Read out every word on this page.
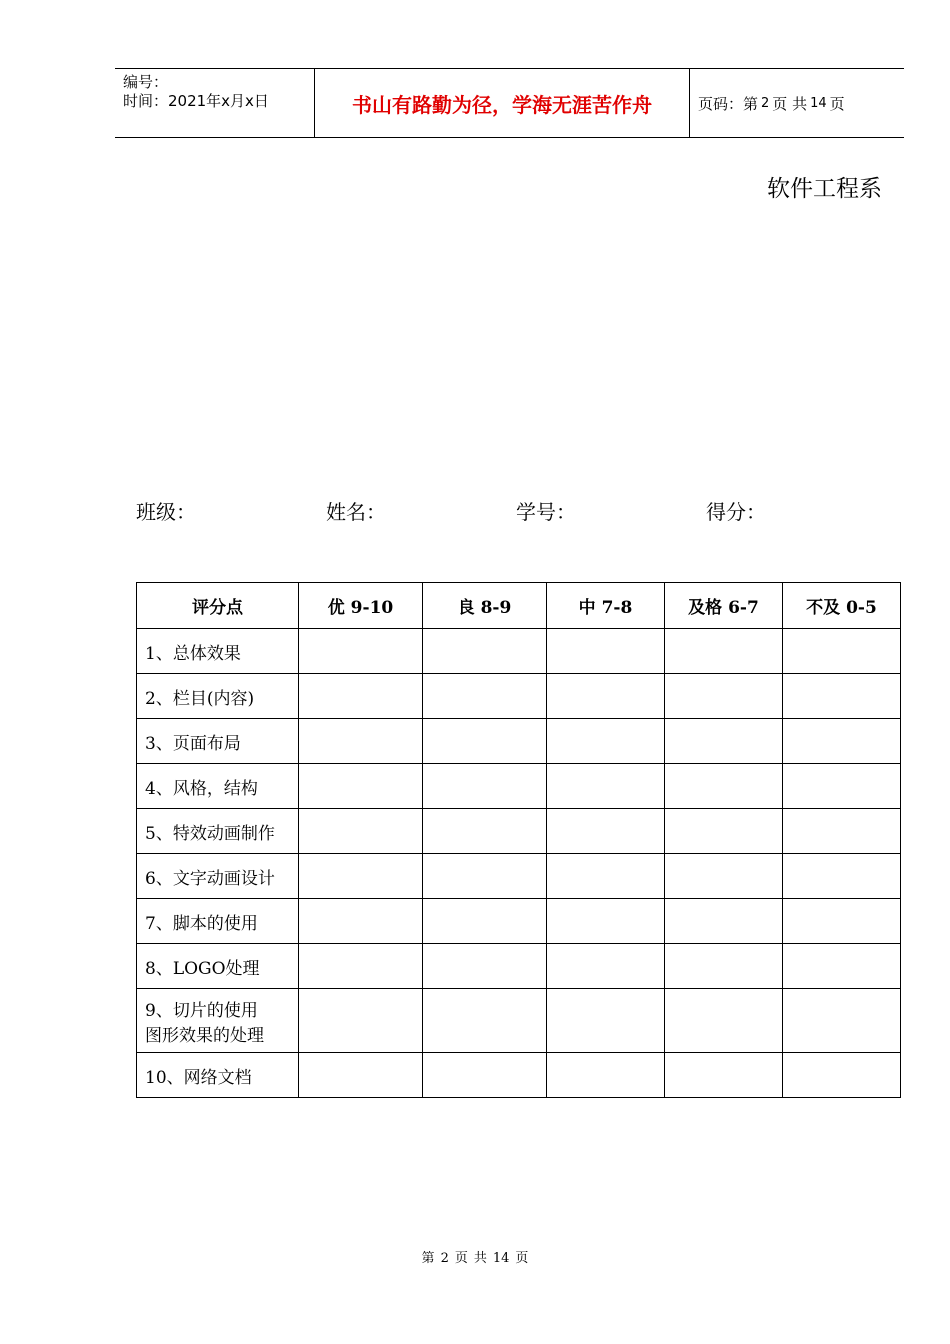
编号：
时间：2021年x月x日	书山有路勤为径，学海无涯苦作舟	页码：第 2 页 共 14 页
软件工程系
班级：	姓名：	学号：	得分：
评分点	优 9-10	良 8-9	中 7-8	及格 6-7	不及 0-5
1、总体效果					
2、栏目(内容)					
3、页面布局					
4、风格，结构					
5、特效动画制作					
6、文字动画设计					
7、脚本的使用					
8、LOGO处理					

9、切片的使用
图形效果的处理					

10、网络文档					
第 2 页 共 14 页
